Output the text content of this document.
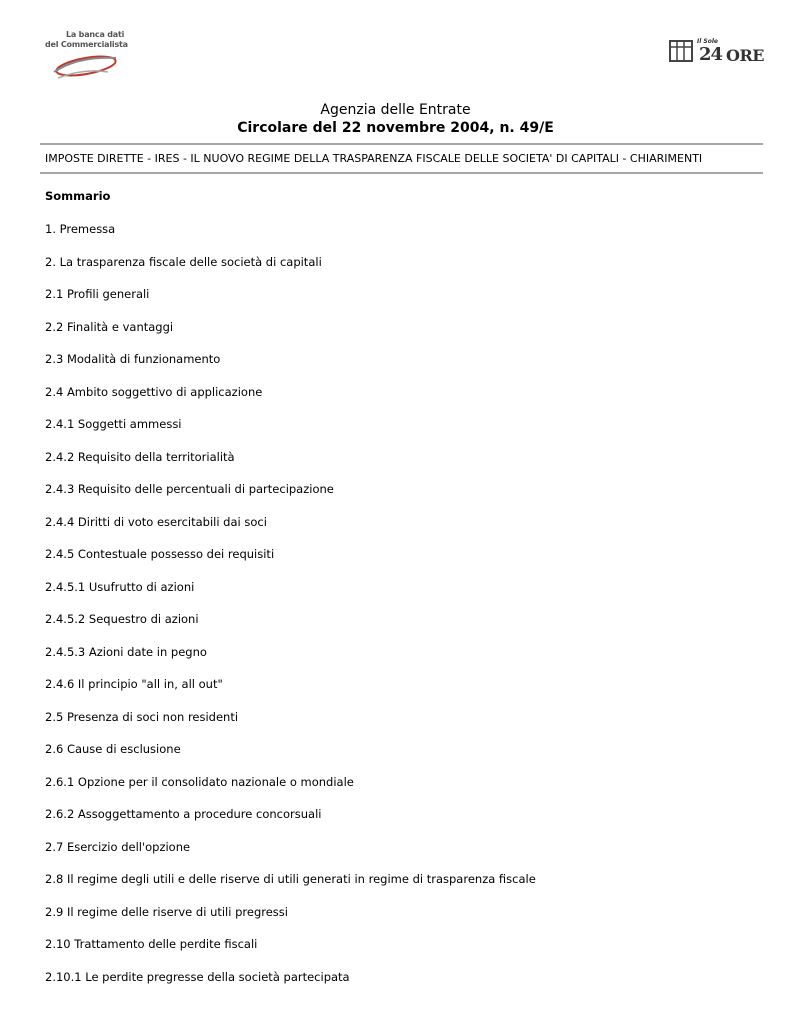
La banca dati
del Commercialista	Il Sole
24 ORE
Agenzia delle Entrate
Circolare del 22 novembre 2004, n. 49/E
IMPOSTE DIRETTE - IRES - IL NUOVO REGIME DELLA TRASPARENZA FISCALE DELLE SOCIETA' DI CAPITALI - CHIARIMENTI
Sommario
1. Premessa
2. La trasparenza fiscale delle società di capitali
2.1 Profili generali
2.2 Finalità e vantaggi
2.3 Modalità di funzionamento
2.4 Ambito soggettivo di applicazione
2.4.1 Soggetti ammessi
2.4.2 Requisito della territorialità
2.4.3 Requisito delle percentuali di partecipazione
2.4.4 Diritti di voto esercitabili dai soci
2.4.5 Contestuale possesso dei requisiti
2.4.5.1 Usufrutto di azioni
2.4.5.2 Sequestro di azioni
2.4.5.3 Azioni date in pegno
2.4.6 Il principio "all in, all out"
2.5 Presenza di soci non residenti
2.6 Cause di esclusione
2.6.1 Opzione per il consolidato nazionale o mondiale
2.6.2 Assoggettamento a procedure concorsuali
2.7 Esercizio dell'opzione
2.8 Il regime degli utili e delle riserve di utili generati in regime di trasparenza fiscale
2.9 Il regime delle riserve di utili pregressi
2.10 Trattamento delle perdite fiscali
2.10.1 Le perdite pregresse della società partecipata
